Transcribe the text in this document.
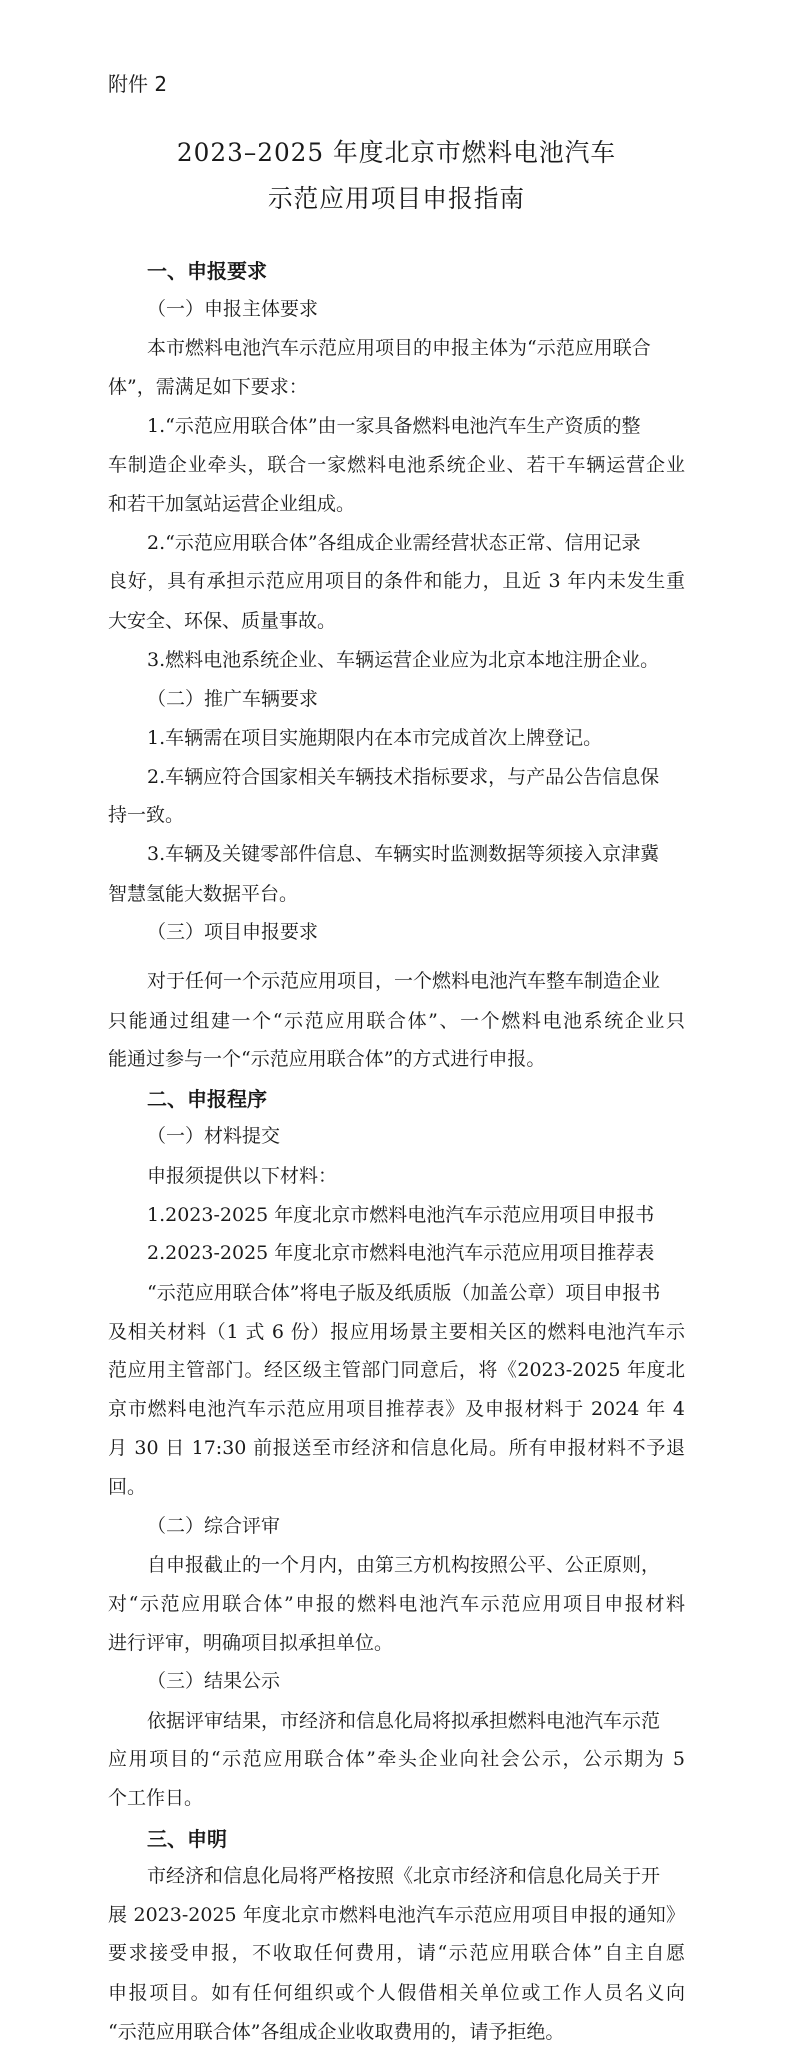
附件 2
2023–2025 年度北京市燃料电池汽车
示范应用项目申报指南
一、申报要求
（一）申报主体要求
本市燃料电池汽车示范应用项目的申报主体为“示范应用联合
体”，需满足如下要求：
1.“示范应用联合体”由一家具备燃料电池汽车生产资质的整
车制造企业牵头，联合一家燃料电池系统企业、若干车辆运营企业
和若干加氢站运营企业组成。
2.“示范应用联合体”各组成企业需经营状态正常、信用记录
良好，具有承担示范应用项目的条件和能力，且近 3 年内未发生重
大安全、环保、质量事故。
3.燃料电池系统企业、车辆运营企业应为北京本地注册企业。
（二）推广车辆要求
1.车辆需在项目实施期限内在本市完成首次上牌登记。
2.车辆应符合国家相关车辆技术指标要求，与产品公告信息保
持一致。
3.车辆及关键零部件信息、车辆实时监测数据等须接入京津冀
智慧氢能大数据平台。
（三）项目申报要求
对于任何一个示范应用项目，一个燃料电池汽车整车制造企业
只能通过组建一个“示范应用联合体”、一个燃料电池系统企业只
能通过参与一个“示范应用联合体”的方式进行申报。
二、申报程序
（一）材料提交
申报须提供以下材料：
1.2023-2025 年度北京市燃料电池汽车示范应用项目申报书
2.2023-2025 年度北京市燃料电池汽车示范应用项目推荐表
“示范应用联合体”将电子版及纸质版（加盖公章）项目申报书
及相关材料（1 式 6 份）报应用场景主要相关区的燃料电池汽车示
范应用主管部门。经区级主管部门同意后，将《2023-2025 年度北
京市燃料电池汽车示范应用项目推荐表》及申报材料于 2024 年 4
月 30 日 17:30 前报送至市经济和信息化局。所有申报材料不予退
回。
（二）综合评审
自申报截止的一个月内，由第三方机构按照公平、公正原则，
对“示范应用联合体”申报的燃料电池汽车示范应用项目申报材料
进行评审，明确项目拟承担单位。
（三）结果公示
依据评审结果，市经济和信息化局将拟承担燃料电池汽车示范
应用项目的“示范应用联合体”牵头企业向社会公示，公示期为 5
个工作日。
三、申明
市经济和信息化局将严格按照《北京市经济和信息化局关于开
展 2023-2025 年度北京市燃料电池汽车示范应用项目申报的通知》
要求接受申报，不收取任何费用，请“示范应用联合体”自主自愿
申报项目。如有任何组织或个人假借相关单位或工作人员名义向
“示范应用联合体”各组成企业收取费用的，请予拒绝。
